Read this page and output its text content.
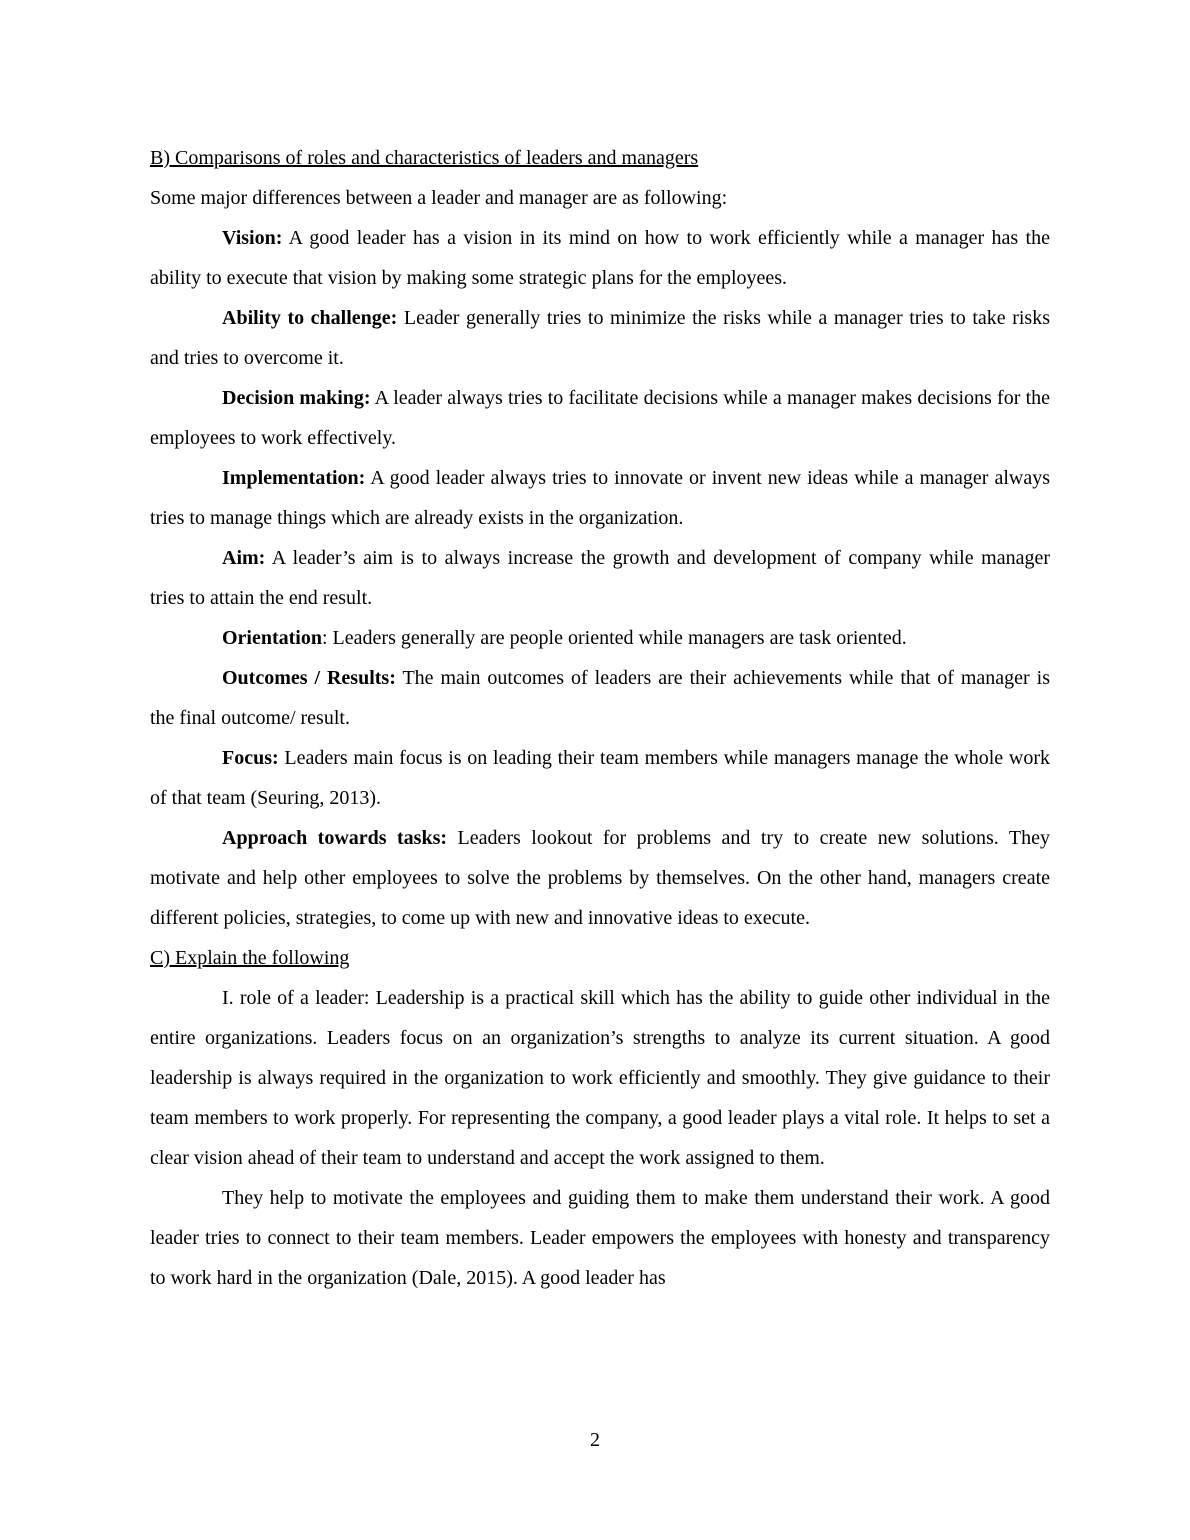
B) Comparisons of roles and characteristics of leaders and managers

Some major differences between a leader and manager are as following:

Vision: A good leader has a vision in its mind on how to work efficiently while a manager has the ability to execute that vision by making some strategic plans for the employees.

Ability to challenge: Leader generally tries to minimize the risks while a manager tries to take risks and tries to overcome it.

Decision making: A leader always tries to facilitate decisions while a manager makes decisions for the employees to work effectively.

Implementation: A good leader always tries to innovate or invent new ideas while a manager always tries to manage things which are already exists in the organization.

Aim: A leader’s aim is to always increase the growth and development of company while manager tries to attain the end result.

Orientation: Leaders generally are people oriented while managers are task oriented.

Outcomes / Results: The main outcomes of leaders are their achievements while that of manager is the final outcome/ result.

Focus: Leaders main focus is on leading their team members while managers manage the whole work of that team (Seuring, 2013).

Approach towards tasks: Leaders lookout for problems and try to create new solutions. They motivate and help other employees to solve the problems by themselves. On the other hand, managers create different policies, strategies, to come up with new and innovative ideas to execute.

C) Explain the following

I. role of a leader: Leadership is a practical skill which has the ability to guide other individual in the entire organizations. Leaders focus on an organization’s strengths to analyze its current situation. A good leadership is always required in the organization to work efficiently and smoothly. They give guidance to their team members to work properly. For representing the company, a good leader plays a vital role. It helps to set a clear vision ahead of their team to understand and accept the work assigned to them.

They help to motivate the employees and guiding them to make them understand their work. A good leader tries to connect to their team members. Leader empowers the employees with honesty and transparency to work hard in the organization (Dale, 2015). A good leader has

2
